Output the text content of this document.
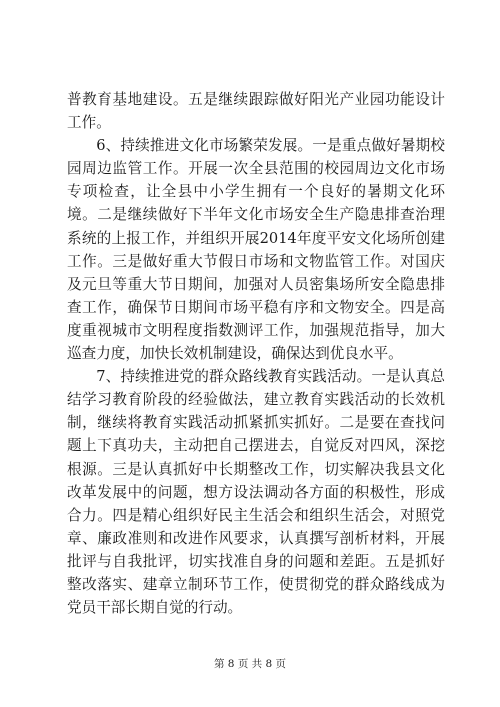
普教育基地建设。五是继续跟踪做好阳光产业园功能设计工作。

6、持续推进文化市场繁荣发展。一是重点做好暑期校园周边监管工作。开展一次全县范围的校园周边文化市场专项检查，让全县中小学生拥有一个良好的暑期文化环境。二是继续做好下半年文化市场安全生产隐患排查治理系统的上报工作，并组织开展2014年度平安文化场所创建工作。三是做好重大节假日市场和文物监管工作。对国庆及元旦等重大节日期间，加强对人员密集场所安全隐患排查工作，确保节日期间市场平稳有序和文物安全。四是高度重视城市文明程度指数测评工作，加强规范指导，加大巡查力度，加快长效机制建设，确保达到优良水平。

7、持续推进党的群众路线教育实践活动。一是认真总结学习教育阶段的经验做法，建立教育实践活动的长效机制，继续将教育实践活动抓紧抓实抓好。二是要在查找问题上下真功夫，主动把自己摆进去，自觉反对四风，深挖根源。三是认真抓好中长期整改工作，切实解决我县文化改革发展中的问题，想方设法调动各方面的积极性，形成合力。四是精心组织好民主生活会和组织生活会，对照党章、廉政准则和改进作风要求，认真撰写剖析材料，开展批评与自我批评，切实找准自身的问题和差距。五是抓好整改落实、建章立制环节工作，使贯彻党的群众路线成为党员干部长期自觉的行动。

第 8 页 共 8 页
